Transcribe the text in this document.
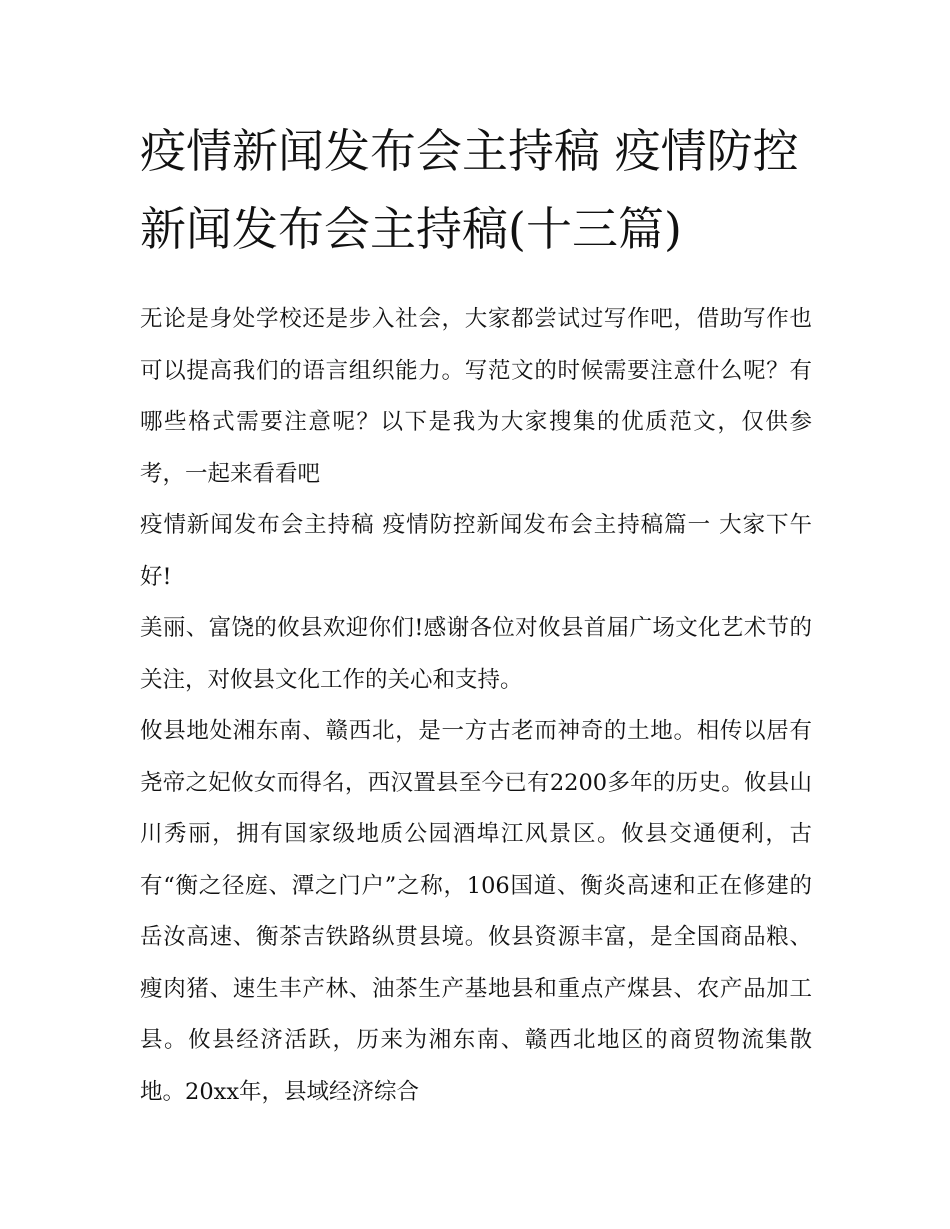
疫情新闻发布会主持稿 疫情防控新闻发布会主持稿(十三篇)

无论是身处学校还是步入社会，大家都尝试过写作吧，借助写作也可以提高我们的语言组织能力。写范文的时候需要注意什么呢？有哪些格式需要注意呢？以下是我为大家搜集的优质范文，仅供参考，一起来看看吧

疫情新闻发布会主持稿 疫情防控新闻发布会主持稿篇一 大家下午好!

美丽、富饶的攸县欢迎你们!感谢各位对攸县首届广场文化艺术节的关注，对攸县文化工作的关心和支持。

攸县地处湘东南、赣西北，是一方古老而神奇的土地。相传以居有尧帝之妃攸女而得名，西汉置县至今已有2200多年的历史。攸县山川秀丽，拥有国家级地质公园酒埠江风景区。攸县交通便利，古有“衡之径庭、潭之门户”之称，106国道、衡炎高速和正在修建的岳汝高速、衡茶吉铁路纵贯县境。攸县资源丰富，是全国商品粮、瘦肉猪、速生丰产林、油茶生产基地县和重点产煤县、农产品加工县。攸县经济活跃，历来为湘东南、赣西北地区的商贸物流集散地。20xx年，县域经济综合
